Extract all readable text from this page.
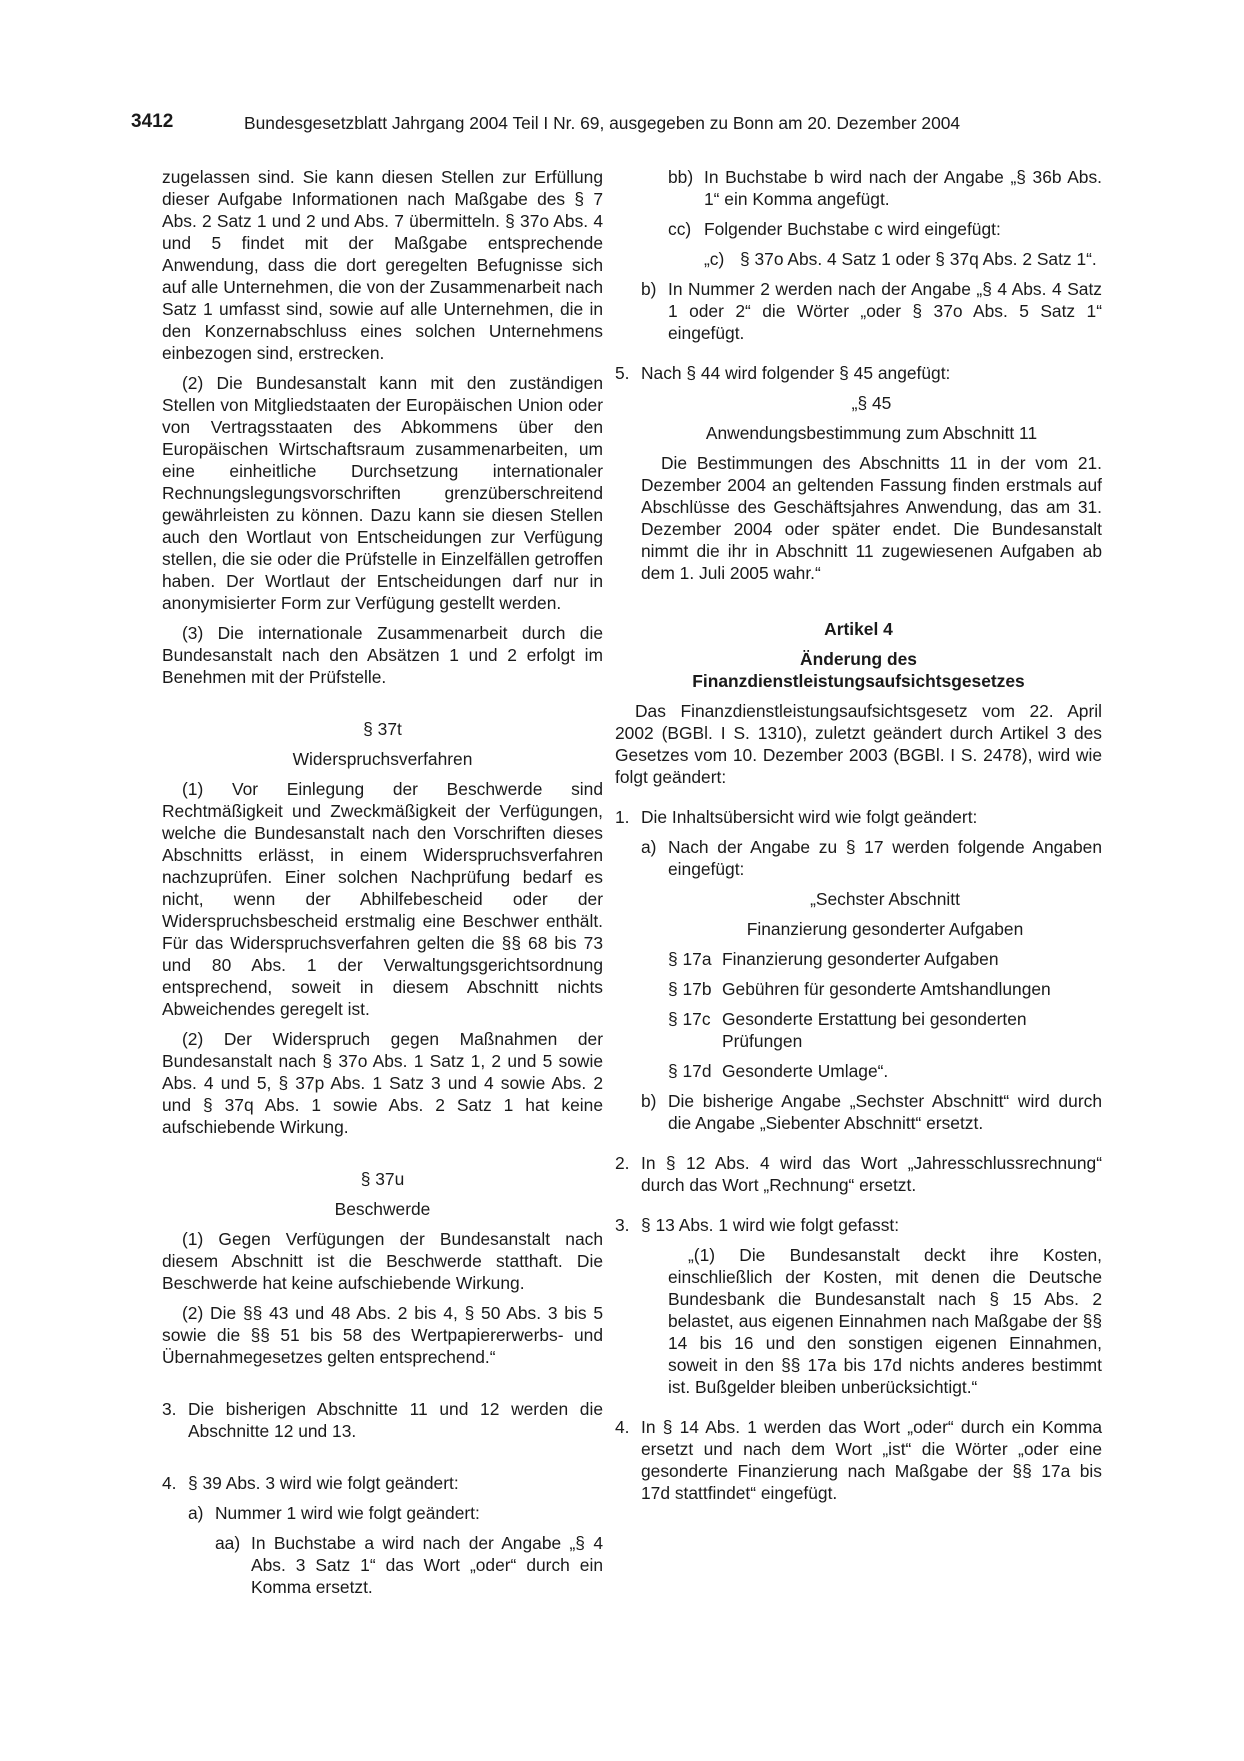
3412	Bundesgesetzblatt Jahrgang 2004 Teil I Nr. 69, ausgegeben zu Bonn am 20. Dezember 2004

zugelassen sind. Sie kann diesen Stellen zur Erfüllung dieser Aufgabe Informationen nach Maßgabe des § 7 Abs. 2 Satz 1 und 2 und Abs. 7 übermitteln. § 37o Abs. 4 und 5 findet mit der Maßgabe entsprechende Anwendung, dass die dort geregelten Befugnisse sich auf alle Unternehmen, die von der Zusammenarbeit nach Satz 1 umfasst sind, sowie auf alle Unternehmen, die in den Konzernabschluss eines solchen Unternehmens einbezogen sind, erstrecken.

(2) Die Bundesanstalt kann mit den zuständigen Stellen von Mitgliedstaaten der Europäischen Union oder von Vertragsstaaten des Abkommens über den Europäischen Wirtschaftsraum zusammenarbeiten, um eine einheitliche Durchsetzung internationaler Rechnungslegungsvorschriften grenzüberschreitend gewährleisten zu können. Dazu kann sie diesen Stellen auch den Wortlaut von Entscheidungen zur Verfügung stellen, die sie oder die Prüfstelle in Einzelfällen getroffen haben. Der Wortlaut der Entscheidungen darf nur in anonymisierter Form zur Verfügung gestellt werden.

(3) Die internationale Zusammenarbeit durch die Bundesanstalt nach den Absätzen 1 und 2 erfolgt im Benehmen mit der Prüfstelle.

§ 37t

Widerspruchsverfahren

(1) Vor Einlegung der Beschwerde sind Rechtmäßigkeit und Zweckmäßigkeit der Verfügungen, welche die Bundesanstalt nach den Vorschriften dieses Abschnitts erlässt, in einem Widerspruchsverfahren nachzuprüfen. Einer solchen Nachprüfung bedarf es nicht, wenn der Abhilfebescheid oder der Widerspruchsbescheid erstmalig eine Beschwer enthält. Für das Widerspruchsverfahren gelten die §§ 68 bis 73 und 80 Abs. 1 der Verwaltungsgerichtsordnung entsprechend, soweit in diesem Abschnitt nichts Abweichendes geregelt ist.

(2) Der Widerspruch gegen Maßnahmen der Bundesanstalt nach § 37o Abs. 1 Satz 1, 2 und 5 sowie Abs. 4 und 5, § 37p Abs. 1 Satz 3 und 4 sowie Abs. 2 und § 37q Abs. 1 sowie Abs. 2 Satz 1 hat keine aufschiebende Wirkung.

§ 37u

Beschwerde

(1) Gegen Verfügungen der Bundesanstalt nach diesem Abschnitt ist die Beschwerde statthaft. Die Beschwerde hat keine aufschiebende Wirkung.

(2) Die §§ 43 und 48 Abs. 2 bis 4, § 50 Abs. 3 bis 5 sowie die §§ 51 bis 58 des Wertpapiererwerbs- und Übernahmegesetzes gelten entsprechend.“

3. Die bisherigen Abschnitte 11 und 12 werden die Abschnitte 12 und 13.
4. § 39 Abs. 3 wird wie folgt geändert:
a) Nummer 1 wird wie folgt geändert:
aa) In Buchstabe a wird nach der Angabe „§ 4 Abs. 3 Satz 1“ das Wort „oder“ durch ein Komma ersetzt.
bb) In Buchstabe b wird nach der Angabe „§ 36b Abs. 1“ ein Komma angefügt.
cc) Folgender Buchstabe c wird eingefügt:
„c) § 37o Abs. 4 Satz 1 oder § 37q Abs. 2 Satz 1“.
b) In Nummer 2 werden nach der Angabe „§ 4 Abs. 4 Satz 1 oder 2“ die Wörter „oder § 37o Abs. 5 Satz 1“ eingefügt.
5. Nach § 44 wird folgender § 45 angefügt:

„§ 45

Anwendungsbestimmung zum Abschnitt 11

Die Bestimmungen des Abschnitts 11 in der vom 21. Dezember 2004 an geltenden Fassung finden erstmals auf Abschlüsse des Geschäftsjahres Anwendung, das am 31. Dezember 2004 oder später endet. Die Bundesanstalt nimmt die ihr in Abschnitt 11 zugewiesenen Aufgaben ab dem 1. Juli 2005 wahr.“

Artikel 4

Änderung des

Finanzdienstleistungsaufsichtsgesetzes

Das Finanzdienstleistungsaufsichtsgesetz vom 22. April 2002 (BGBl. I S. 1310), zuletzt geändert durch Artikel 3 des Gesetzes vom 10. Dezember 2003 (BGBl. I S. 2478), wird wie folgt geändert:

1. Die Inhaltsübersicht wird wie folgt geändert:
a) Nach der Angabe zu § 17 werden folgende Angaben eingefügt:

„Sechster Abschnitt

Finanzierung gesonderter Aufgaben

§ 17a Finanzierung gesonderter Aufgaben
§ 17b Gebühren für gesonderte Amtshandlungen
§ 17c Gesonderte Erstattung bei gesonderten Prüfungen
§ 17d Gesonderte Umlage“.
b) Die bisherige Angabe „Sechster Abschnitt“ wird durch die Angabe „Siebenter Abschnitt“ ersetzt.
2. In § 12 Abs. 4 wird das Wort „Jahresschlussrechnung“ durch das Wort „Rechnung“ ersetzt.
3. § 13 Abs. 1 wird wie folgt gefasst:

„(1) Die Bundesanstalt deckt ihre Kosten, einschließlich der Kosten, mit denen die Deutsche Bundesbank die Bundesanstalt nach § 15 Abs. 2 belastet, aus eigenen Einnahmen nach Maßgabe der §§ 14 bis 16 und den sonstigen eigenen Einnahmen, soweit in den §§ 17a bis 17d nichts anderes bestimmt ist. Bußgelder bleiben unberücksichtigt.“

4. In § 14 Abs. 1 werden das Wort „oder“ durch ein Komma ersetzt und nach dem Wort „ist“ die Wörter „oder eine gesonderte Finanzierung nach Maßgabe der §§ 17a bis 17d stattfindet“ eingefügt.
